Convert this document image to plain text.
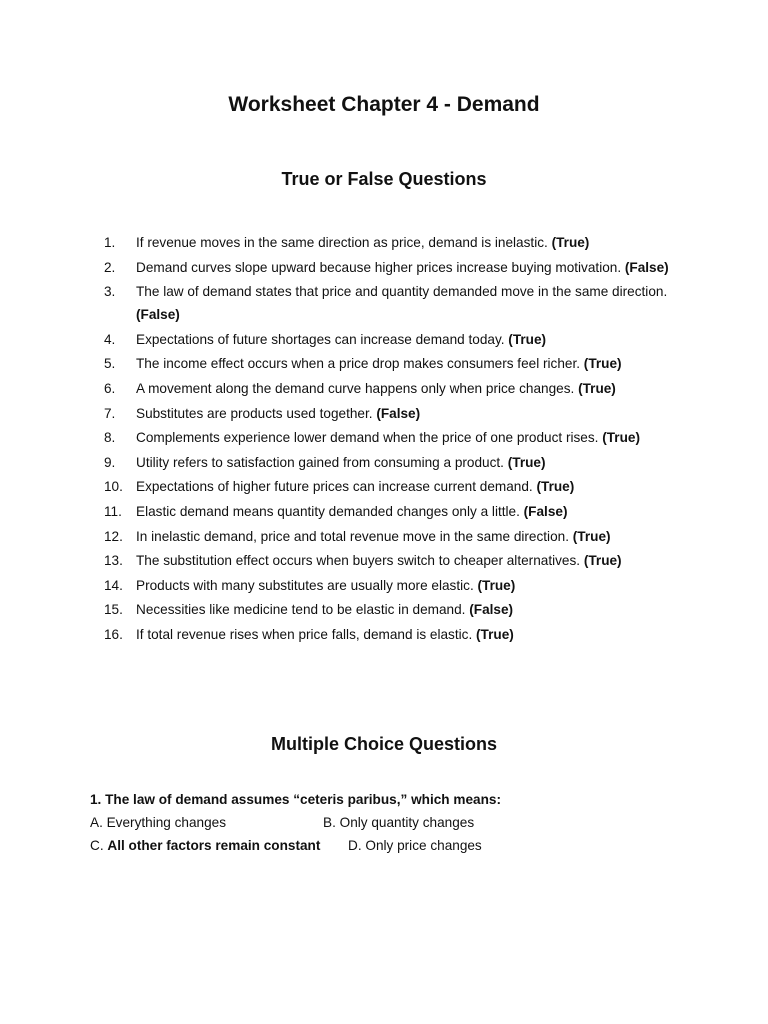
Worksheet Chapter 4 - Demand
True or False Questions
1.	If revenue moves in the same direction as price, demand is inelastic. (True)
2.	Demand curves slope upward because higher prices increase buying motivation. (False)
3.	The law of demand states that price and quantity demanded move in the same direction. (False)
4.	Expectations of future shortages can increase demand today. (True)
5.	The income effect occurs when a price drop makes consumers feel richer. (True)
6.	A movement along the demand curve happens only when price changes. (True)
7.	Substitutes are products used together. (False)
8.	Complements experience lower demand when the price of one product rises. (True)
9.	Utility refers to satisfaction gained from consuming a product. (True)
10. Expectations of higher future prices can increase current demand. (True)
11.	Elastic demand means quantity demanded changes only a little. (False)
12. In inelastic demand, price and total revenue move in the same direction. (True)
13. The substitution effect occurs when buyers switch to cheaper alternatives. (True)
14. Products with many substitutes are usually more elastic. (True)
15. Necessities like medicine tend to be elastic in demand. (False)
16. If total revenue rises when price falls, demand is elastic. (True)
Multiple Choice Questions
1. The law of demand assumes “ceteris paribus,” which means:
A. Everything changes	B. Only quantity changes
C. All other factors remain constant	D. Only price changes
